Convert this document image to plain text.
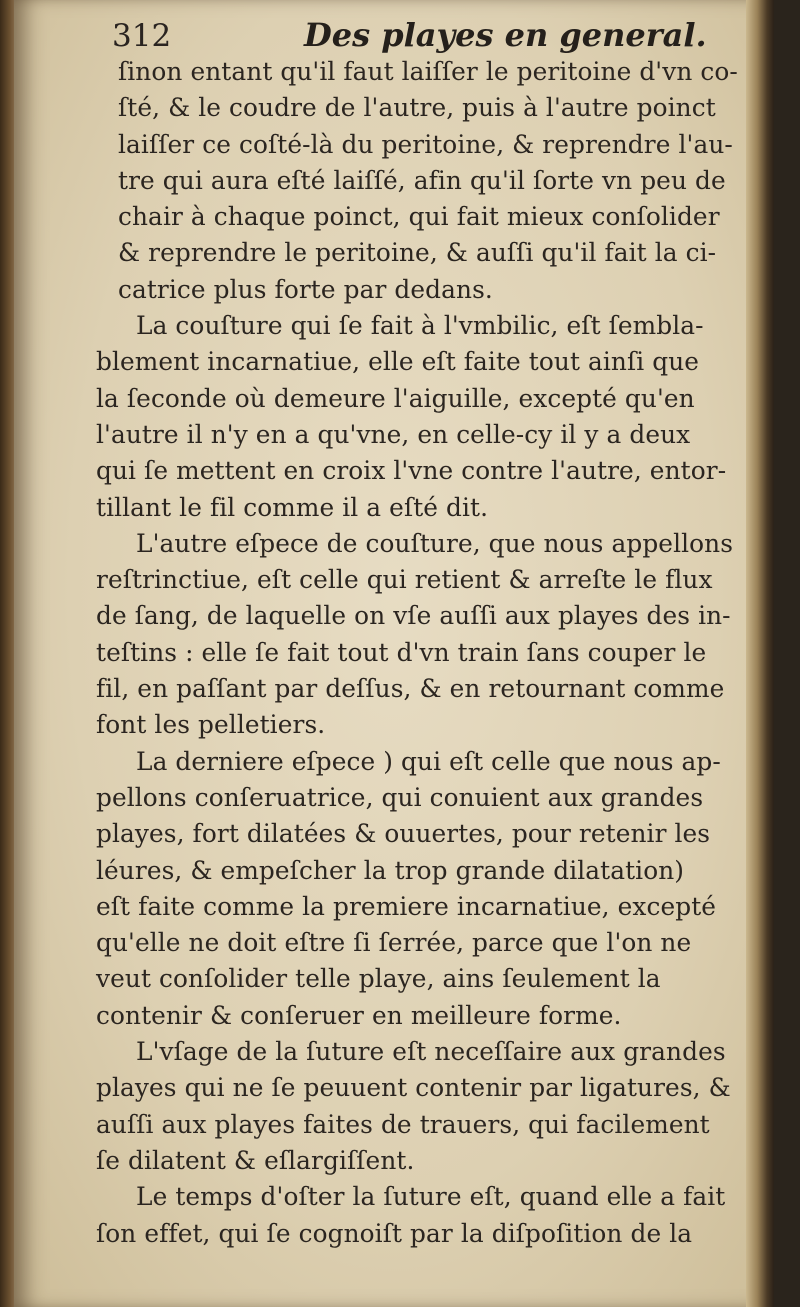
312	Des playes en general.
ſinon entant qu'il faut laiſſer le peritoine d'vn co-
ſté, & le coudre de l'autre, puis à l'autre poinct
laiſſer ce coſté-là du peritoine, & reprendre l'au-
tre qui aura eſté laiſſé, afin qu'il ſorte vn peu de
chair à chaque poinct, qui fait mieux conſolider
& reprendre le peritoine, & auſſi qu'il fait la ci-
catrice plus forte par dedans.
La couſture qui ſe fait à l'vmbilic, eſt ſembla-
blement incarnatiue, elle eſt faite tout ainſi que
la ſeconde où demeure l'aiguille, excepté qu'en
l'autre il n'y en a qu'vne, en celle-cy il y a deux
qui ſe mettent en croix l'vne contre l'autre, entor-
tillant le fil comme il a eſté dit.
L'autre eſpece de couſture, que nous appellons
reſtrinctiue, eſt celle qui retient & arreſte le flux
de ſang, de laquelle on vſe auſſi aux playes des in-
teſtins : elle ſe fait tout d'vn train ſans couper le
fil, en paſſant par deſſus, & en retournant comme
font les pelletiers.
La derniere eſpece ) qui eſt celle que nous ap-
pellons conſeruatrice, qui conuient aux grandes
playes, fort dilatées & ouuertes, pour retenir les
léures, & empeſcher la trop grande dilatation)
eſt faite comme la premiere incarnatiue, excepté
qu'elle ne doit eſtre ſi ſerrée, parce que l'on ne
veut conſolider telle playe, ains ſeulement la
contenir & conſeruer en meilleure forme.
L'vſage de la ſuture eſt neceſſaire aux grandes
playes qui ne ſe peuuent contenir par ligatures, &
auſſi aux playes faites de trauers, qui facilement
ſe dilatent & eſlargiſſent.
Le temps d'oſter la ſuture eſt, quand elle a fait
ſon effet, qui ſe cognoiſt par la diſpoſition de la
